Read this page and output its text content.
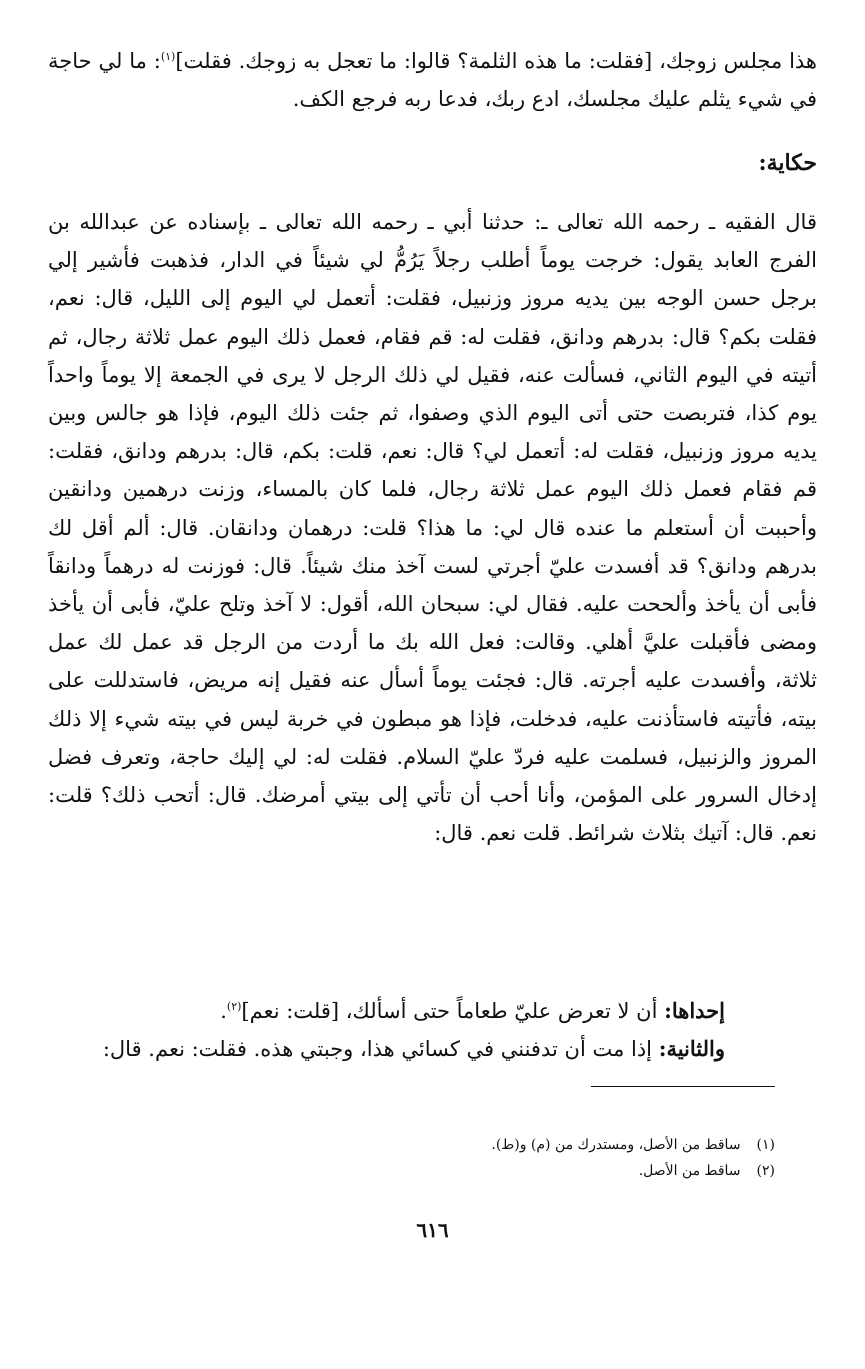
هذا مجلس زوجك، [فقلت: ما هذه الثلمة؟ قالوا: ما تعجل به زوجك. فقلت]$^{(١)}$: ما لي حاجة في شيء يثلم عليك مجلسك، ادع ربك، فدعا ربه فرجع الكف.

حكاية:

قال الفقيه ـ رحمه الله تعالى ـ: حدثنا أبي ـ رحمه الله تعالى ـ بإسناده عن عبدالله بن الفرج العابد يقول: خرجت يوماً أطلب رجلاً يَرُمُّ لي شيئاً في الدار، فذهبت فأشير إلي برجل حسن الوجه بين يديه مروز وزنبيل، فقلت: أتعمل لي اليوم إلى الليل، قال: نعم، فقلت بكم؟ قال: بدرهم ودانق، فقلت له: قم فقام، فعمل ذلك اليوم عمل ثلاثة رجال، ثم أتيته في اليوم الثاني، فسألت عنه، فقيل لي ذلك الرجل لا يرى في الجمعة إلا يوماً واحداً يوم كذا، فتربصت حتى أتى اليوم الذي وصفوا، ثم جئت ذلك اليوم، فإذا هو جالس وبين يديه مروز وزنبيل، فقلت له: أتعمل لي؟ قال: نعم، قلت: بكم، قال: بدرهم ودانق، فقلت: قم فقام فعمل ذلك اليوم عمل ثلاثة رجال، فلما كان بالمساء، وزنت درهمين ودانقين وأحببت أن أستعلم ما عنده قال لي: ما هذا؟ قلت: درهمان ودانقان. قال: ألم أقل لك بدرهم ودانق؟ قد أفسدت عليّ أجرتي لست آخذ منك شيئاً. قال: فوزنت له درهماً ودانقاً فأبى أن يأخذ وألححت عليه. فقال لي: سبحان الله، أقول: لا آخذ وتلح عليّ، فأبى أن يأخذ ومضى فأقبلت عليَّ أهلي. وقالت: فعل الله بك ما أردت من الرجل قد عمل لك عمل ثلاثة، وأفسدت عليه أجرته. قال: فجئت يوماً أسأل عنه فقيل إنه مريض، فاستدللت على بيته، فأتيته فاستأذنت عليه، فدخلت، فإذا هو مبطون في خربة ليس في بيته شيء إلا ذلك المروز والزنبيل، فسلمت عليه فردّ عليّ السلام. فقلت له: لي إليك حاجة، وتعرف فضل إدخال السرور على المؤمن، وأنا أحب أن تأتي إلى بيتي أمرضك. قال: أتحب ذلك؟ قلت: نعم. قال: آتيك بثلاث شرائط. قلت نعم. قال:

إحداها: أن لا تعرض عليّ طعاماً حتى أسألك، [قلت: نعم]$^{(٢)}$.
والثانية: إذا مت أن تدفنني في كسائي هذا، وجبتي هذه. فقلت: نعم. قال:
(١) ساقط من الأصل، ومستدرك من (م) و(ط).
(٢) ساقط من الأصل.
٦١٦
